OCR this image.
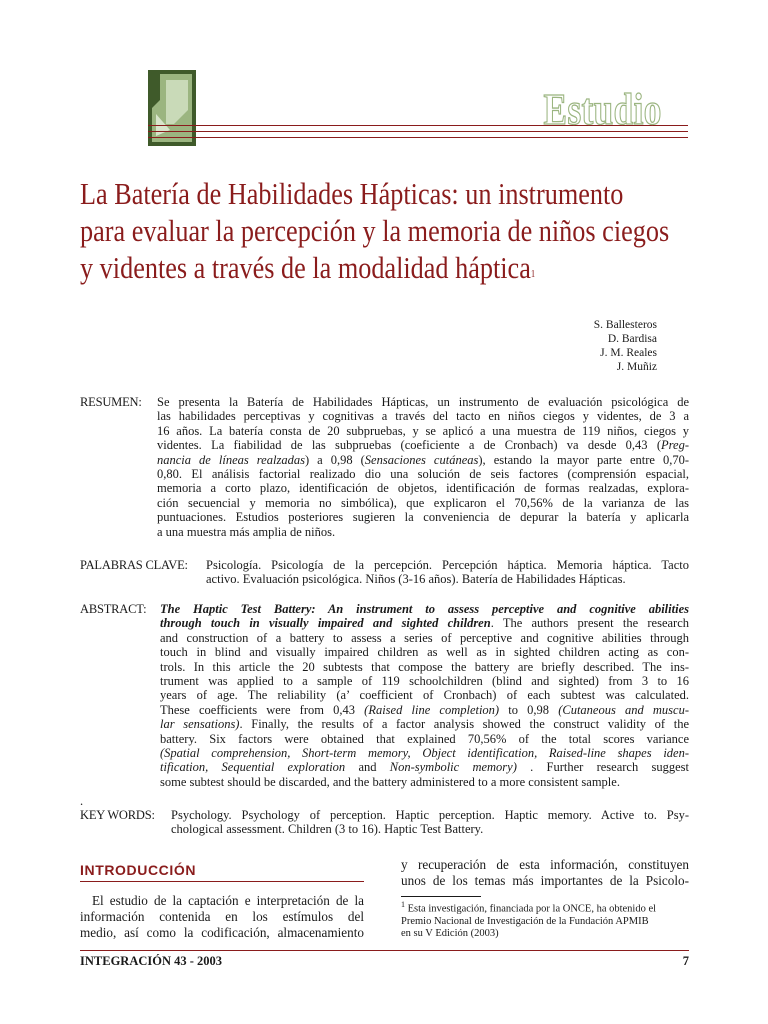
Estudio
La Batería de Habilidades Hápticas: un instrumento
para evaluar la percepción y la memoria de niños ciegos
y videntes a través de la modalidad háptica$^1$
S. Ballesteros
D. Bardisa
J. M. Reales
J. Muñiz
RESUMEN: Se presenta la Batería de Habilidades Hápticas, un instrumento de evaluación psicológica de
las habilidades perceptivas y cognitivas a través del tacto en niños ciegos y videntes, de 3 a
16 años. La batería consta de 20 subpruebas, y se aplicó a una muestra de 119 niños, ciegos y
videntes. La fiabilidad de las subpruebas (coeficiente a de Cronbach) va desde 0,43 (Preg-
nancia de líneas realzadas) a 0,98 (Sensaciones cutáneas), estando la mayor parte entre 0,70-
0,80. El análisis factorial realizado dio una solución de seis factores (comprensión espacial,
memoria a corto plazo, identificación de objetos, identificación de formas realzadas, explora-
ción secuencial y memoria no simbólica), que explicaron el 70,56% de la varianza de las
puntuaciones. Estudios posteriores sugieren la conveniencia de depurar la batería y aplicarla
a una muestra más amplia de niños.
PALABRAS CLAVE: Psicología. Psicología de la percepción. Percepción háptica. Memoria háptica. Tacto
activo. Evaluación psicológica. Niños (3-16 años). Batería de Habilidades Hápticas.
ABSTRACT: The Haptic Test Battery: An instrument to assess perceptive and cognitive abilities
through touch in visually impaired and sighted children. The authors present the research
and construction of a battery to assess a series of perceptive and cognitive abilities through
touch in blind and visually impaired children as well as in sighted children acting as con-
trols. In this article the 20 subtests that compose the battery are briefly described. The ins-
trument was applied to a sample of 119 schoolchildren (blind and sighted) from 3 to 16
years of age. The reliability (a’ coefficient of Cronbach) of each subtest was calculated.
These coefficients were from 0,43 (Raised line completion) to 0,98 (Cutaneous and muscu-
lar sensations). Finally, the results of a factor analysis showed the construct validity of the
battery. Six factors were obtained that explained 70,56% of the total scores variance
(Spatial comprehension, Short-term memory, Object identification, Raised-line shapes iden-
tification, Sequential exploration and Non-symbolic memory) . Further research suggest
some subtest should be discarded, and the battery administered to a more consistent sample.
.
KEY WORDS: Psychology. Psychology of perception. Haptic perception. Haptic memory. Active to. Psy-
chological assessment. Children (3 to 16). Haptic Test Battery.
INTRODUCCIÓN
El estudio de la captación e interpretación de la
información contenida en los estímulos del
medio, así como la codificación, almacenamiento
y recuperación de esta información, constituyen
unos de los temas más importantes de la Psicolo-
$^1$ Esta investigación, financiada por la ONCE, ha obtenido el
Premio Nacional de Investigación de la Fundación APMIB
en su V Edición (2003)
INTEGRACIÓN 43 - 2003	7
